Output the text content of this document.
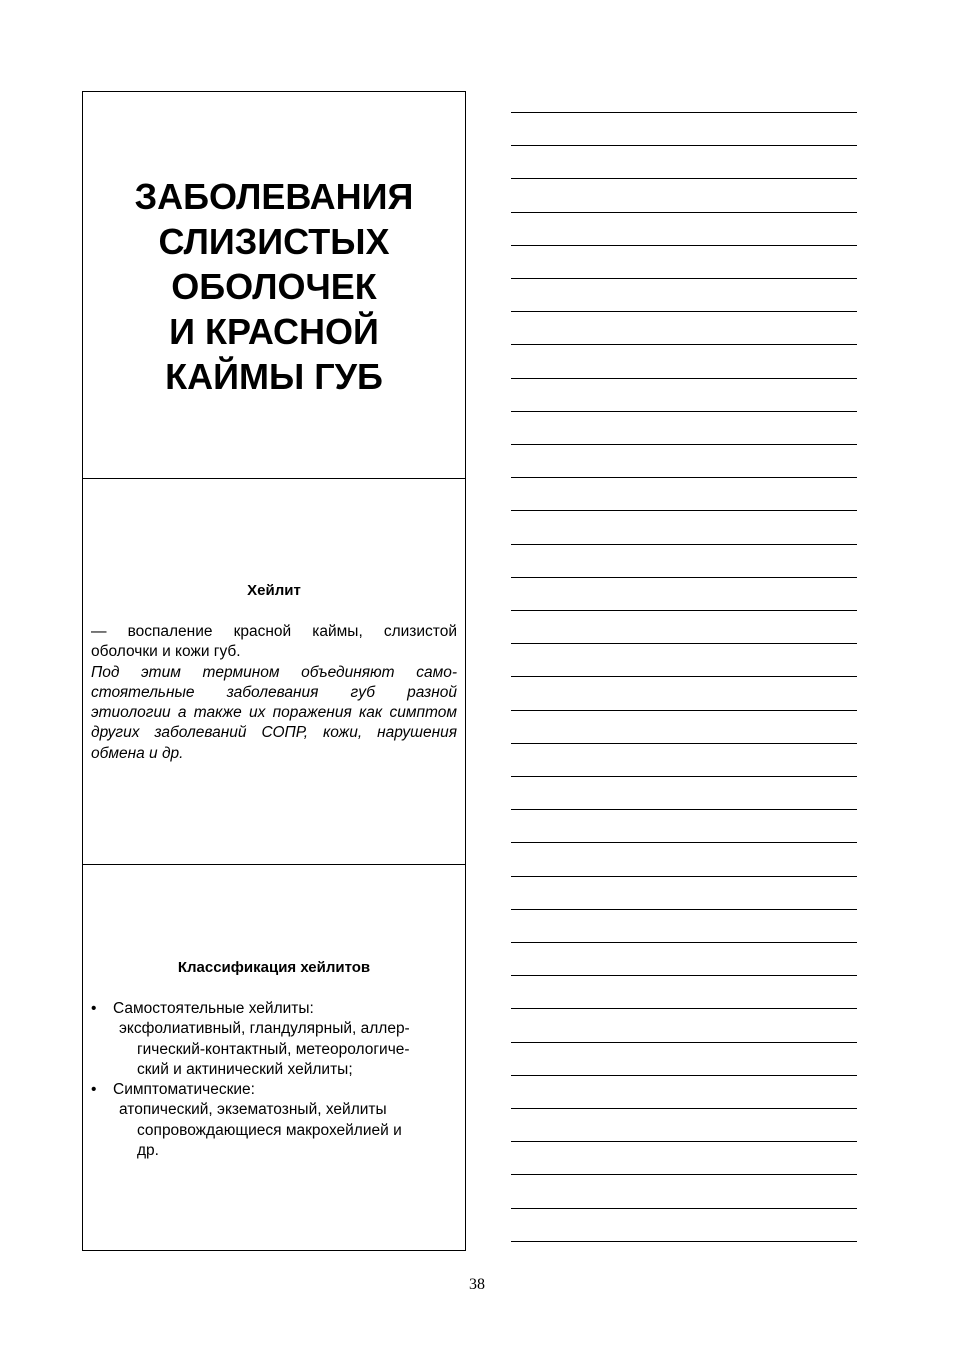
ЗАБОЛЕВАНИЯ
СЛИЗИСТЫХ
ОБОЛОЧЕК
И КРАСНОЙ
КАЙМЫ ГУБ
Хейлит

— воспаление красной каймы, слизистой оболочки и кожи губ.

Под этим термином объединяют само-стоятельные заболевания губ разной этиологии а также их поражения как симптом других заболеваний СОПР, кожи, нарушения обмена и др.

Классификация хейлитов
•	Самостоятельные хейлиты:
эксфолиативный, гландулярный, аллер-
гический-контактный, метеорологиче-
ский и актинический хейлиты;
•	Симптоматические:
атопический, экзематозный, хейлиты
сопровождающиеся макрохейлией и
др.
38
